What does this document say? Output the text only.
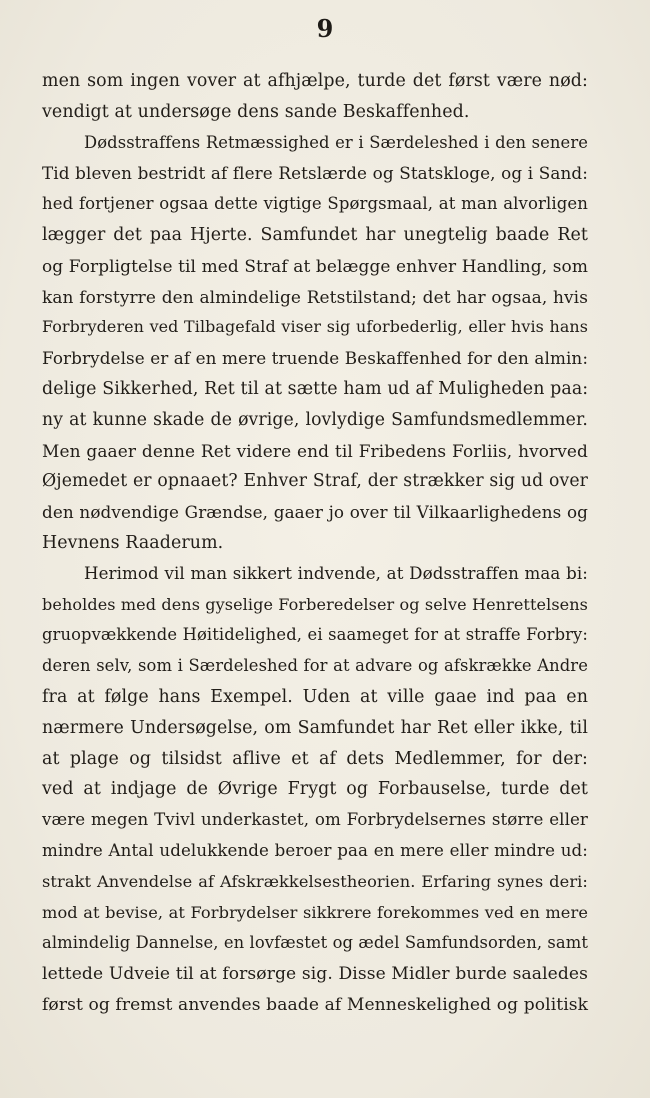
9
men som ingen vover at afhjælpe, turde det først være nød:
vendigt at undersøge dens sande Beskaffenhed.
Dødsstraffens Retmæssighed er i Særdeleshed i den senere
Tid bleven bestridt af flere Retslærde og Statskloge, og i Sand:
hed fortjener ogsaa dette vigtige Spørgsmaal, at man alvorligen
lægger det paa Hjerte. Samfundet har unegtelig baade Ret
og Forpligtelse til med Straf at belægge enhver Handling, som
kan forstyrre den almindelige Retstilstand; det har ogsaa, hvis
Forbryderen ved Tilbagefald viser sig uforbederlig, eller hvis hans
Forbrydelse er af en mere truende Beskaffenhed for den almin:
delige Sikkerhed, Ret til at sætte ham ud af Muligheden paa:
ny at kunne skade de øvrige, lovlydige Samfundsmedlemmer.
Men gaaer denne Ret videre end til Fribedens Forliis, hvorved
Øjemedet er opnaaet? Enhver Straf, der strækker sig ud over
den nødvendige Grændse, gaaer jo over til Vilkaarlighedens og
Hevnens Raaderum.
Herimod vil man sikkert indvende, at Dødsstraffen maa bi:
beholdes med dens gyselige Forberedelser og selve Henrettelsens
gruopvækkende Høitidelighed, ei saameget for at straffe Forbry:
deren selv, som i Særdeleshed for at advare og afskrække Andre
fra at følge hans Exempel. Uden at ville gaae ind paa en
nærmere Undersøgelse, om Samfundet har Ret eller ikke, til
at plage og tilsidst aflive et af dets Medlemmer, for der:
ved at indjage de Øvrige Frygt og Forbauselse, turde det
være megen Tvivl underkastet, om Forbrydelsernes større eller
mindre Antal udelukkende beroer paa en mere eller mindre ud:
strakt Anvendelse af Afskrækkelsestheorien. Erfaring synes deri:
mod at bevise, at Forbrydelser sikkrere forekommes ved en mere
almindelig Dannelse, en lovfæstet og ædel Samfundsorden, samt
lettede Udveie til at forsørge sig. Disse Midler burde saaledes
først og fremst anvendes baade af Menneskelighed og politisk
